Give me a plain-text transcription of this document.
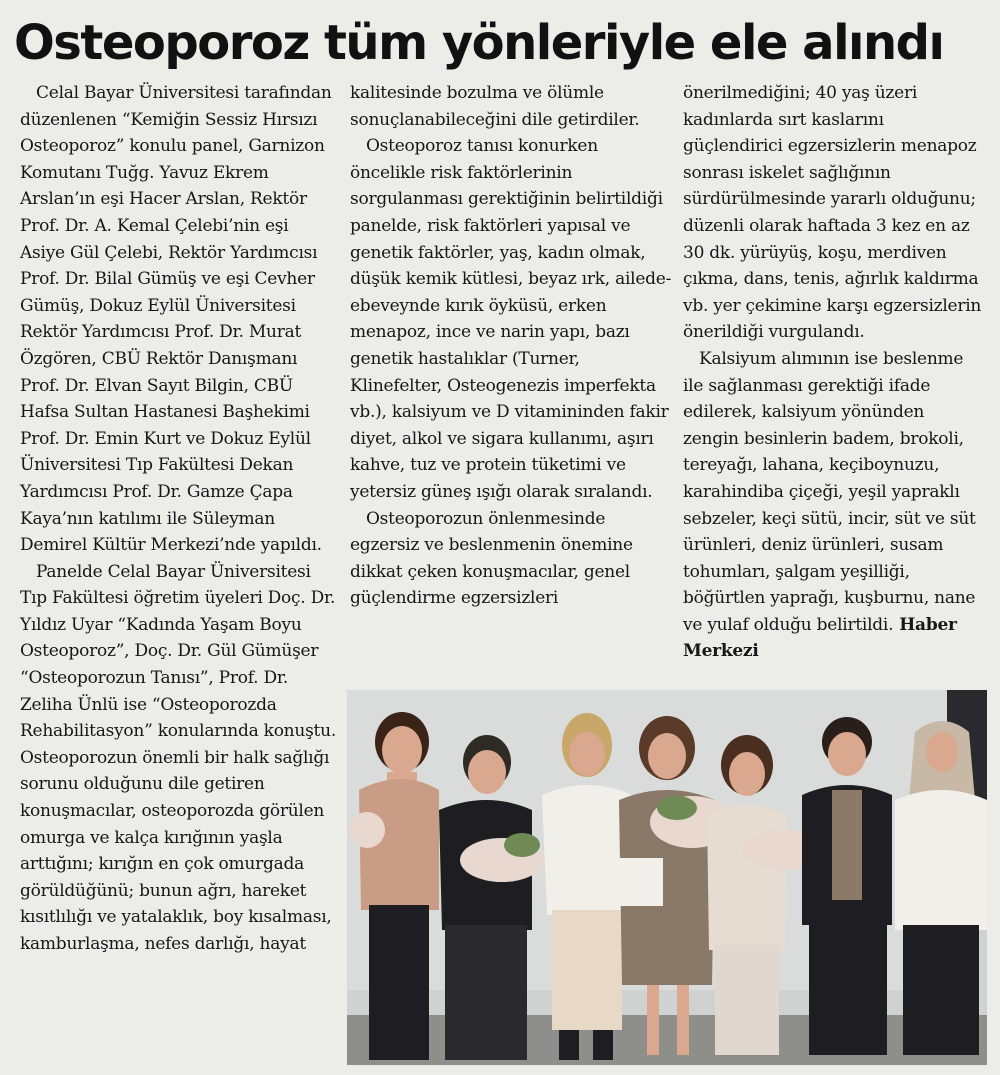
Osteoporoz tüm yönleriyle ele alındı

Celal Bayar Üniversitesi tarafından düzenlenen “Kemiğin Sessiz Hırsızı Osteoporoz” konulu panel, Garnizon Komutanı Tuğg. Yavuz Ekrem Arslan’ın eşi Hacer Arslan, Rektör Prof. Dr. A. Kemal Çelebi’nin eşi Asiye Gül Çelebi, Rektör Yardımcısı Prof. Dr. Bilal Gümüş ve eşi Cevher Gümüş, Dokuz Eylül Üniversitesi Rektör Yardımcısı Prof. Dr. Murat Özgören, CBÜ Rektör Danışmanı Prof. Dr. Elvan Sayıt Bilgin, CBÜ Hafsa Sultan Hastanesi Başhekimi Prof. Dr. Emin Kurt ve Dokuz Eylül Üniversitesi Tıp Fakültesi Dekan Yardımcısı Prof. Dr. Gamze Çapa Kaya’nın katılımı ile Süleyman Demirel Kültür Merkezi’nde yapıldı.

Panelde Celal Bayar Üniversitesi Tıp Fakültesi öğretim üyeleri Doç. Dr. Yıldız Uyar “Kadında Yaşam Boyu Osteoporoz”, Doç. Dr. Gül Gümüşer “Osteoporozun Tanısı”, Prof. Dr. Zeliha Ünlü ise “Osteoporozda Rehabilitasyon” konularında konuştu. Osteoporozun önemli bir halk sağlığı sorunu olduğunu dile getiren konuşmacılar, osteoporozda görülen omurga ve kalça kırığının yaşla arttığını; kırığın en çok omurgada görüldüğünü; bunun ağrı, hareket kısıtlılığı ve yatalaklık, boy kısalması, kamburlaşma, nefes darlığı, hayat

kalitesinde bozulma ve ölümle sonuçlanabileceğini dile getirdiler.

Osteoporoz tanısı konurken öncelikle risk faktörlerinin sorgulanması gerektiğinin belirtildiği panelde, risk faktörleri yapısal ve genetik faktörler, yaş, kadın olmak, düşük kemik kütlesi, beyaz ırk, ailede- ebeveynde kırık öyküsü, erken menapoz, ince ve narin yapı, bazı genetik hastalıklar (Turner, Klinefelter, Osteogenezis imperfekta vb.), kalsiyum ve D vitamininden fakir diyet, alkol ve sigara kullanımı, aşırı kahve, tuz ve protein tüketimi ve yetersiz güneş ışığı olarak sıralandı.

Osteoporozun önlenmesinde egzersiz ve beslenmenin önemine dikkat çeken konuşmacılar, genel güçlendirme egzersizleri

önerilmediğini; 40 yaş üzeri kadınlarda sırt kaslarını güçlendirici egzersizlerin menapoz sonrası iskelet sağlığının sürdürülmesinde yararlı olduğunu; düzenli olarak haftada 3 kez en az 30 dk. yürüyüş, koşu, merdiven çıkma, dans, tenis, ağırlık kaldırma vb. yer çekimine karşı egzersizlerin önerildiği vurgulandı.

Kalsiyum alımının ise beslenme ile sağlanması gerektiği ifade edilerek, kalsiyum yönünden zengin besinlerin badem, brokoli, tereyağı, lahana, keçiboynuzu, karahindiba çiçeği, yeşil yapraklı sebzeler, keçi sütü, incir, süt ve süt ürünleri, deniz ürünleri, susam tohumları, şalgam yeşilliği, böğürtlen yaprağı, kuşburnu, nane ve yulaf olduğu belirtildi. Haber Merkezi
